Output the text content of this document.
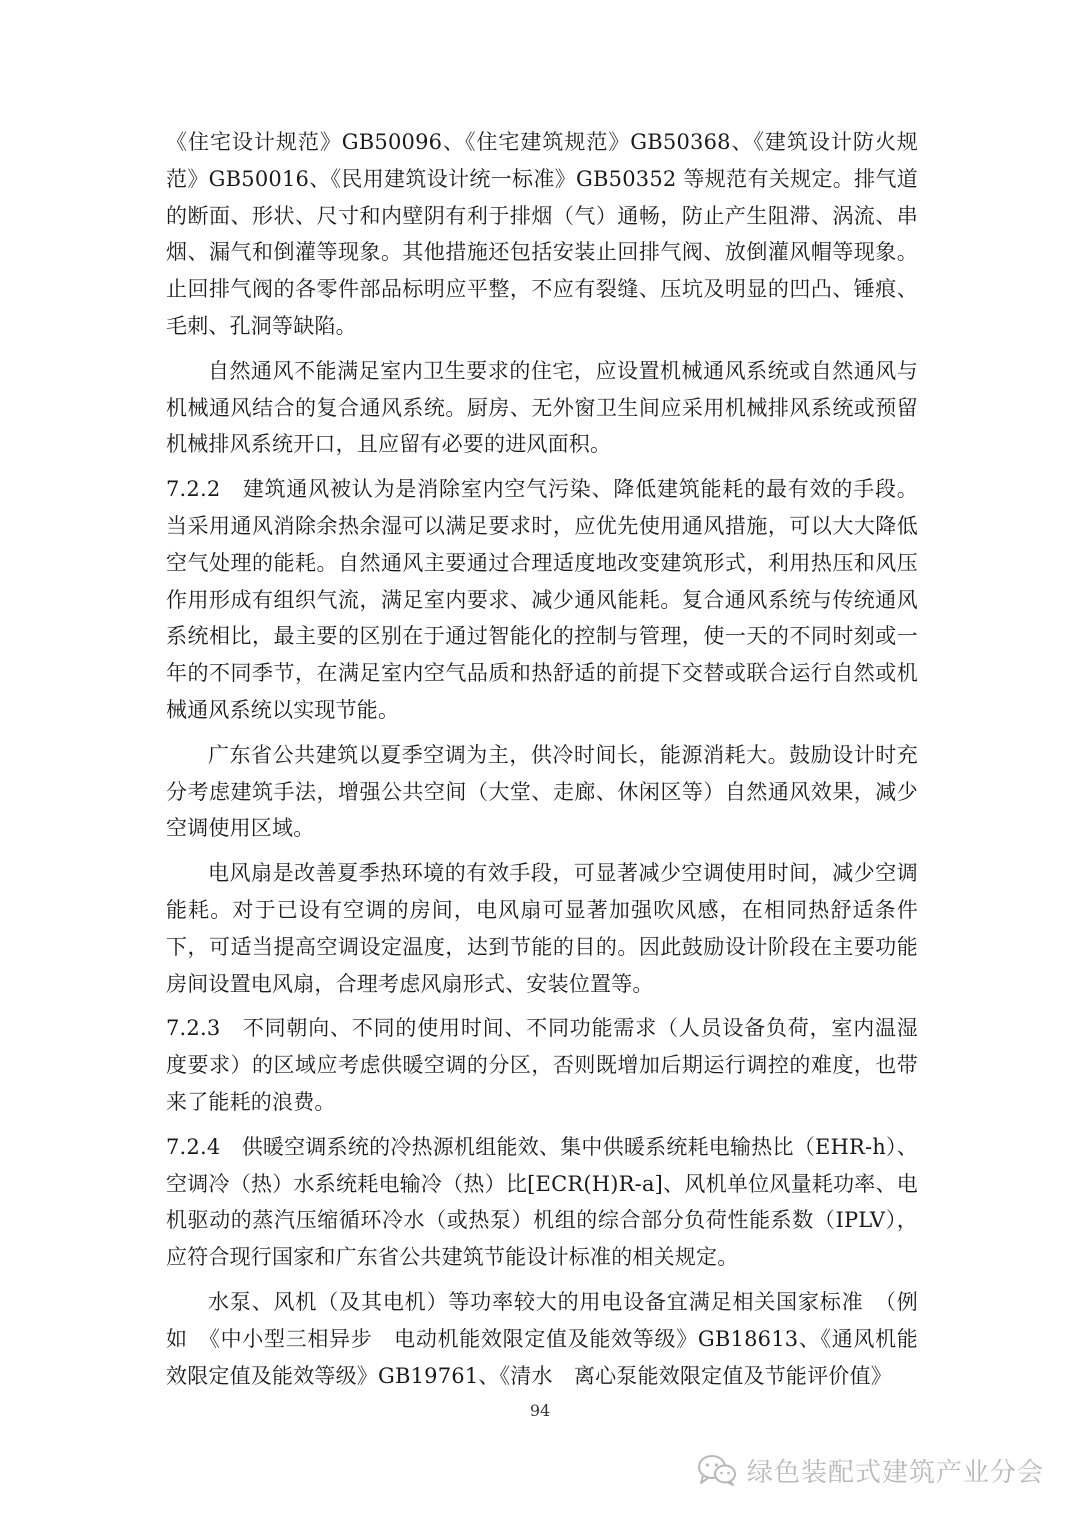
《住宅设计规范》GB50096、《住宅建筑规范》GB50368、《建筑设计防火规范》GB50016、《民用建筑设计统一标准》GB50352 等规范有关规定。排气道的断面、形状、尺寸和内壁阴有利于排烟（气）通畅，防止产生阻滞、涡流、串烟、漏气和倒灌等现象。其他措施还包括安装止回排气阀、放倒灌风帽等现象。止回排气阀的各零件部品标明应平整，不应有裂缝、压坑及明显的凹凸、锤痕、毛刺、孔洞等缺陷。

自然通风不能满足室内卫生要求的住宅，应设置机械通风系统或自然通风与机械通风结合的复合通风系统。厨房、无外窗卫生间应采用机械排风系统或预留机械排风系统开口，且应留有必要的进风面积。

7.2.2　建筑通风被认为是消除室内空气污染、降低建筑能耗的最有效的手段。当采用通风消除余热余湿可以满足要求时，应优先使用通风措施，可以大大降低空气处理的能耗。自然通风主要通过合理适度地改变建筑形式，利用热压和风压作用形成有组织气流，满足室内要求、减少通风能耗。复合通风系统与传统通风系统相比，最主要的区别在于通过智能化的控制与管理，使一天的不同时刻或一年的不同季节，在满足室内空气品质和热舒适的前提下交替或联合运行自然或机械通风系统以实现节能。

广东省公共建筑以夏季空调为主，供冷时间长，能源消耗大。鼓励设计时充分考虑建筑手法，增强公共空间（大堂、走廊、休闲区等）自然通风效果，减少空调使用区域。

电风扇是改善夏季热环境的有效手段，可显著减少空调使用时间，减少空调能耗。对于已设有空调的房间，电风扇可显著加强吹风感，在相同热舒适条件下，可适当提高空调设定温度，达到节能的目的。因此鼓励设计阶段在主要功能房间设置电风扇，合理考虑风扇形式、安装位置等。

7.2.3　不同朝向、不同的使用时间、不同功能需求（人员设备负荷，室内温湿度要求）的区域应考虑供暖空调的分区，否则既增加后期运行调控的难度，也带来了能耗的浪费。

7.2.4　供暖空调系统的冷热源机组能效、集中供暖系统耗电输热比（EHR-h）、空调冷（热）水系统耗电输冷（热）比[ECR(H)R-a]、风机单位风量耗功率、电机驱动的蒸汽压缩循环冷水（或热泵）机组的综合部分负荷性能系数（IPLV），应符合现行国家和广东省公共建筑节能设计标准的相关规定。

水泵、风机（及其电机）等功率较大的用电设备宜满足相关国家标准　（例如　《中小型三相异步　电动机能效限定值及能效等级》GB18613、《通风机能效限定值及能效等级》GB19761、《清水　离心泵能效限定值及节能评价值》

94
绿色装配式建筑产业分会
